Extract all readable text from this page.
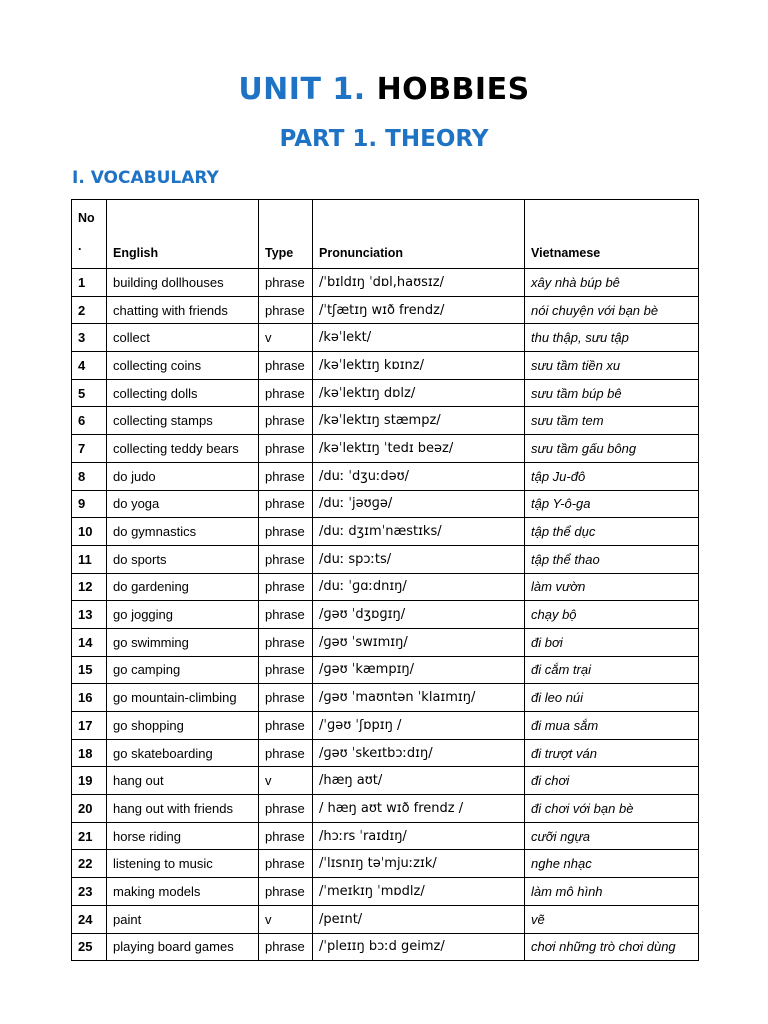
UNIT 1. HOBBIES
PART 1. THEORY
I. VOCABULARY
No
.	English	Type	Pronunciation	Vietnamese
1	building dollhouses	phrase	/ˈbɪldɪŋ ˈdɒl,haʊsɪz/	xây nhà búp bê
2	chatting with friends	phrase	/ˈtʃætɪŋ wɪð frendz/	nói chuyện với bạn bè
3	collect	v	/kəˈlekt/	thu thập, sưu tập
4	collecting coins	phrase	/kəˈlektɪŋ kɒɪnz/	sưu tầm tiền xu
5	collecting dolls	phrase	/kəˈlektɪŋ dɒlz/	sưu tầm búp bê
6	collecting stamps	phrase	/kəˈlektɪŋ stæmpz/	sưu tầm tem
7	collecting teddy bears	phrase	/kəˈlektɪŋ ˈtedɪ beəz/	sưu tầm gấu bông
8	do judo	phrase	/duː ˈdʒuːdəʊ/	tập Ju-đô
9	do yoga	phrase	/duː ˈjəʊɡə/	tập Y-ô-ga
10	do gymnastics	phrase	/duː dʒɪmˈnæstɪks/	tập thể dục
11	do sports	phrase	/duː spɔːts/	tập thể thao
12	do gardening	phrase	/duː ˈɡɑːdnɪŋ/	làm vườn
13	go jogging	phrase	/ɡəʊ ˈdʒɒɡɪŋ/	chạy bộ
14	go swimming	phrase	/ɡəʊ ˈswɪmɪŋ/	đi bơi
15	go camping	phrase	/ɡəʊ ˈkæmpɪŋ/	đi cắm trại
16	go mountain-climbing	phrase	/ɡəʊ ˈmaʊntən ˈklaɪmɪŋ/	đi leo núi
17	go shopping	phrase	/ˈɡəʊ ˈʃɒpɪŋ /	đi mua sắm
18	go skateboarding	phrase	/ɡəʊ ˈskeɪtbɔːdɪŋ/	đi trượt ván
19	hang out	v	/hæŋ aʊt/	đi chơi
20	hang out with friends	phrase	/ hæŋ aʊt wɪð frendz /	đi chơi với bạn bè
21	horse riding	phrase	/hɔːrs ˈraɪdɪŋ/	cưỡi ngựa
22	listening to music	phrase	/ˈlɪsnɪŋ təˈmjuːzɪk/	nghe nhạc
23	making models	phrase	/ˈmeɪkɪŋ ˈmɒdlz/	làm mô hình
24	paint	v	/peɪnt/	vẽ
25	playing board games	phrase	/ˈpleɪɪŋ bɔːd geimz/	chơi những trò chơi dùng
